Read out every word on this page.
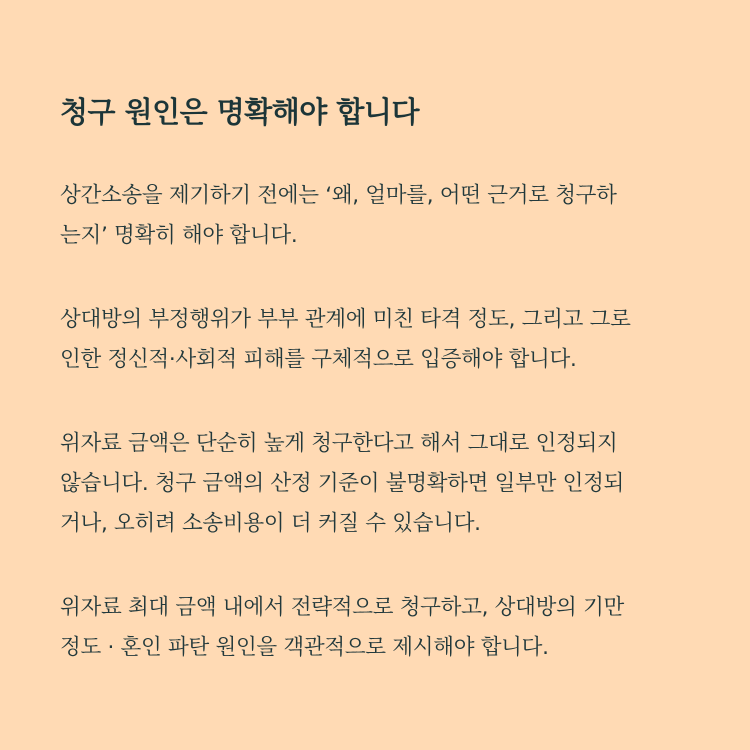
청구 원인은 명확해야 합니다
상간소송을 제기하기 전에는 ‘왜, 얼마를, 어떤 근거로 청구하
는지’ 명확히 해야 합니다.
상대방의 부정행위가 부부 관계에 미친 타격 정도, 그리고 그로
인한 정신적·사회적 피해를 구체적으로 입증해야 합니다.
위자료 금액은 단순히 높게 청구한다고 해서 그대로 인정되지
않습니다. 청구 금액의 산정 기준이 불명확하면 일부만 인정되
거나, 오히려 소송비용이 더 커질 수 있습니다.
위자료 최대 금액 내에서 전략적으로 청구하고, 상대방의 기만
정도 · 혼인 파탄 원인을 객관적으로 제시해야 합니다.
